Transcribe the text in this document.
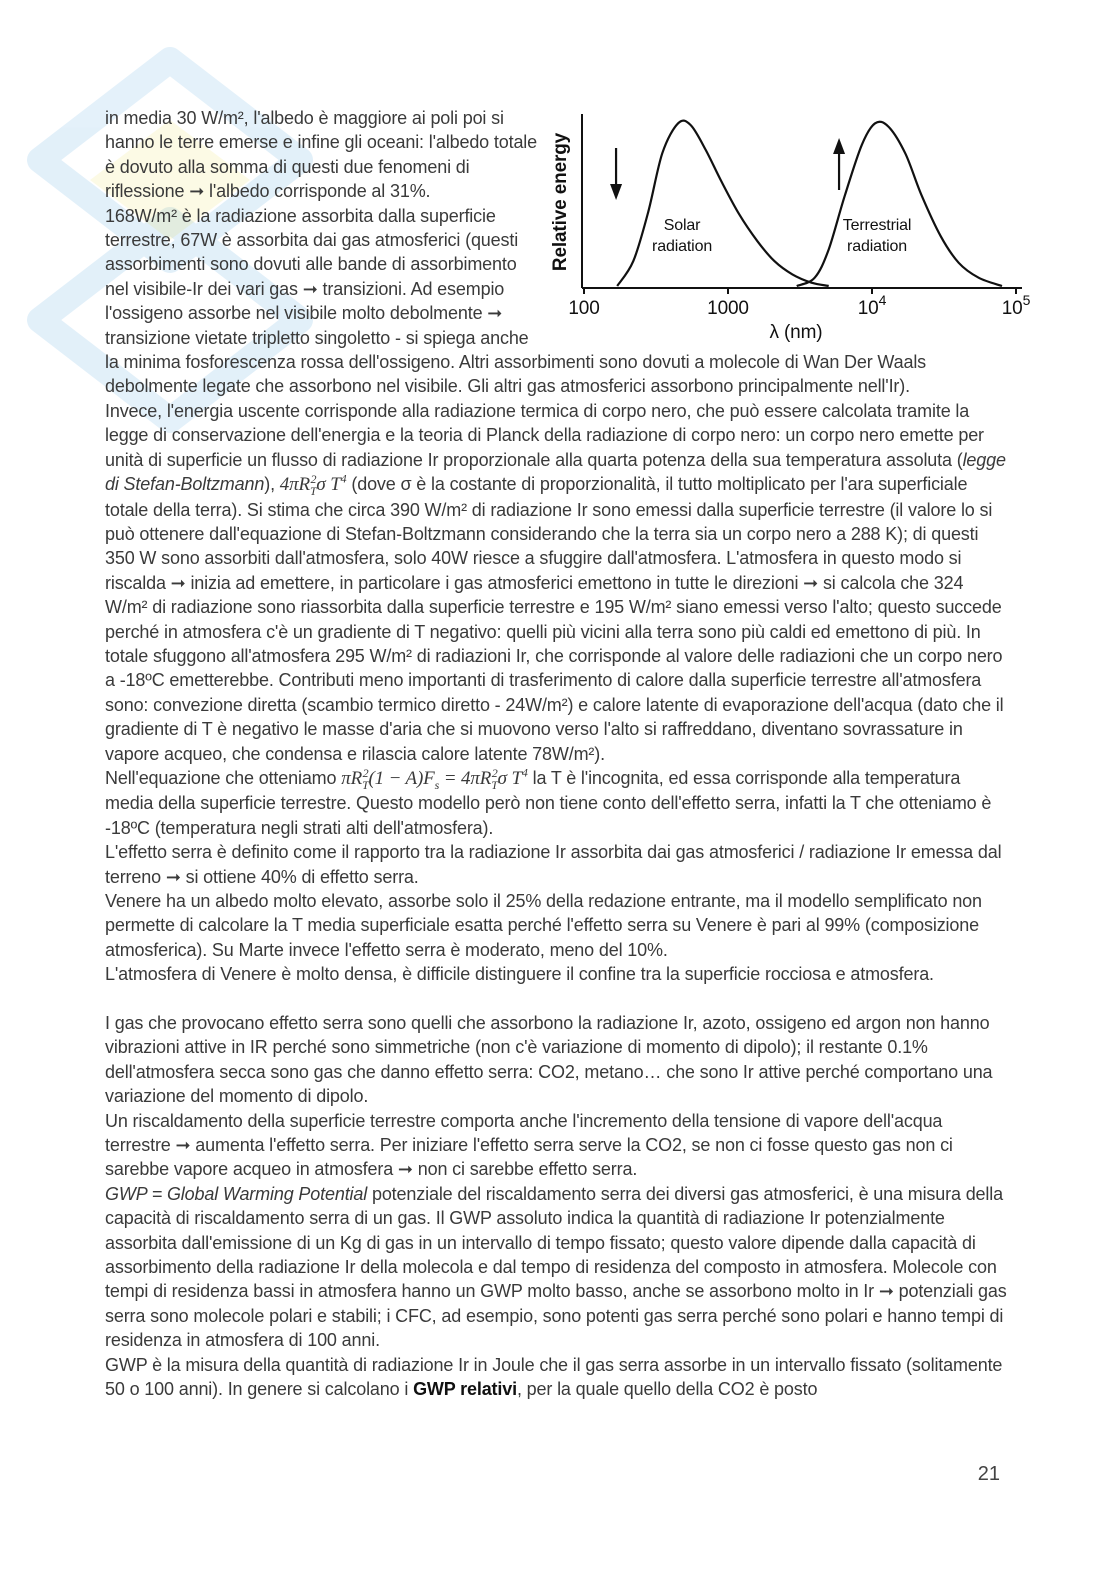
Relative energy
λ (nm)
100	1000	$10^4$	$10^5$
Solar
radiation
Terrestrial
radiation

in media 30 W/m², l'albedo è maggiore ai poli poi si hanno le terre emerse e infine gli oceani: l'albedo totale è dovuto alla somma di questi due fenomeni di riflessione ➞ l'albedo corrisponde al 31%.

168W/m² è la radiazione assorbita dalla superficie terrestre, 67W è assorbita dai gas atmosferici (questi assorbimenti sono dovuti alle bande di assorbimento nel visibile-Ir dei vari gas ➞ transizioni. Ad esempio l'ossigeno assorbe nel visibile molto debolmente ➞ transizione vietate tripletto singoletto - si spiega anche la minima fosforescenza rossa dell'ossigeno. Altri assorbimenti sono dovuti a molecole di Wan Der Waals debolmente legate che assorbono nel visibile. Gli altri gas atmosferici assorbono principalmente nell'Ir).

Invece, l'energia uscente corrisponde alla radiazione termica di corpo nero, che può essere calcolata tramite la legge di conservazione dell'energia e la teoria di Planck della radiazione di corpo nero: un corpo nero emette per unità di superficie un flusso di radiazione Ir proporzionale alla quarta potenza della sua temperatura assoluta (legge di Stefan-Boltzmann), $4\pi R_T^2\sigma$ $T^4$ (dove σ è la costante di proporzionalità, il tutto moltiplicato per l'ara superficiale totale della terra). Si stima che circa 390 W/m² di radiazione Ir sono emessi dalla superficie terrestre (il valore lo si può ottenere dall'equazione di Stefan-Boltzmann considerando che la terra sia un corpo nero a 288 K); di questi 350 W sono assorbiti dall'atmosfera, solo 40W riesce a sfuggire dall'atmosfera. L'atmosfera in questo modo si riscalda ➞ inizia ad emettere, in particolare i gas atmosferici emettono in tutte le direzioni ➞ si calcola che 324 W/m² di radiazione sono riassorbita dalla superficie terrestre e 195 W/m² siano emessi verso l'alto; questo succede perché in atmosfera c'è un gradiente di T negativo: quelli più vicini alla terra sono più caldi ed emettono di più. In totale sfuggono all'atmosfera 295 W/m² di radiazioni Ir, che corrisponde al valore delle radiazioni che un corpo nero a -18ºC emetterebbe. Contributi meno importanti di trasferimento di calore dalla superficie terrestre all'atmosfera sono: convezione diretta (scambio termico diretto - 24W/m²) e calore latente di evaporazione dell'acqua (dato che il gradiente di T è negativo le masse d'aria che si muovono verso l'alto si raffreddano, diventano sovrassature in vapore acqueo, che condensa e rilascia calore latente 78W/m²).

Nell'equazione che otteniamo $\pi R_T^2(1 - A)F_s = 4\pi R_T^2\sigma$ $T^4$ la T è l'incognita, ed essa corrisponde alla temperatura media della superficie terrestre. Questo modello però non tiene conto dell'effetto serra, infatti la T che otteniamo è -18ºC (temperatura negli strati alti dell'atmosfera).

L'effetto serra è definito come il rapporto tra la radiazione Ir assorbita dai gas atmosferici / radiazione Ir emessa dal terreno ➞ si ottiene 40% di effetto serra.

Venere ha un albedo molto elevato, assorbe solo il 25% della redazione entrante, ma il modello semplificato non permette di calcolare la T media superficiale esatta perché l'effetto serra su Venere è pari al 99% (composizione atmosferica). Su Marte invece l'effetto serra è moderato, meno del 10%.

L'atmosfera di Venere è molto densa, è difficile distinguere il confine tra la superficie rocciosa e atmosfera.

I gas che provocano effetto serra sono quelli che assorbono la radiazione Ir, azoto, ossigeno ed argon non hanno vibrazioni attive in IR perché sono simmetriche (non c'è variazione di momento di dipolo); il restante 0.1% dell'atmosfera secca sono gas che danno effetto serra: CO2, metano… che sono Ir attive perché comportano una variazione del momento di dipolo.

Un riscaldamento della superficie terrestre comporta anche l'incremento della tensione di vapore dell'acqua terrestre ➞ aumenta l'effetto serra. Per iniziare l'effetto serra serve la CO2, se non ci fosse questo gas non ci sarebbe vapore acqueo in atmosfera ➞ non ci sarebbe effetto serra.

GWP = Global Warming Potential potenziale del riscaldamento serra dei diversi gas atmosferici, è una misura della capacità di riscaldamento serra di un gas. Il GWP assoluto indica la quantità di radiazione Ir potenzialmente assorbita dall'emissione di un Kg di gas in un intervallo di tempo fissato; questo valore dipende dalla capacità di assorbimento della radiazione Ir della molecola e dal tempo di residenza del composto in atmosfera. Molecole con tempi di residenza bassi in atmosfera hanno un GWP molto basso, anche se assorbono molto in Ir ➞ potenziali gas serra sono molecole polari e stabili; i CFC, ad esempio, sono potenti gas serra perché sono polari e hanno tempi di residenza in atmosfera di 100 anni.

GWP è la misura della quantità di radiazione Ir in Joule che il gas serra assorbe in un intervallo fissato (solitamente 50 o 100 anni). In genere si calcolano i GWP relativi, per la quale quello della CO2 è posto

21
